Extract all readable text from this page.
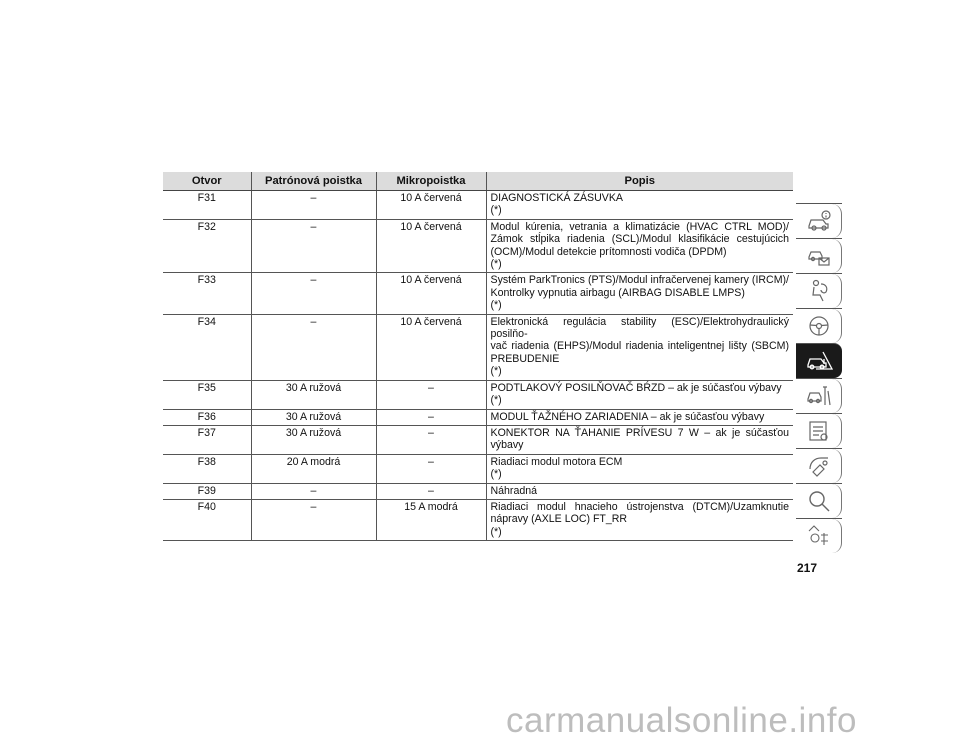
Otvor	Patrónová poistka	Mikropoistka	Popis
F31	–	10 A červená	DIAGNOSTICKÁ ZÁSUVKA
(*)

F32	–	10 A červená	Modul kúrenia, vetrania a klimatizácie (HVAC CTRL MOD)/
Zámok stĺpika riadenia (SCL)/Modul klasifikácie cestujúcich
(OCM)/Modul detekcie prítomnosti vodiča (DPDM)
(*)

F33	–	10 A červená	Systém ParkTronics (PTS)/Modul infračervenej kamery (IRCM)/
Kontrolky vypnutia airbagu (AIRBAG DISABLE LMPS)
(*)

F34	–	10 A červená	Elektronická regulácia stability (ESC)/Elektrohydraulický posilňo-
vač riadenia (EHPS)/Modul riadenia inteligentnej lišty (SBCM)
PREBUDENIE
(*)

F35	30 A ružová	–	PODTLAKOVÝ POSILŇOVAČ BŔZD – ak je súčasťou výbavy
(*)

F36	30 A ružová	–	MODUL ŤAŽNÉHO ZARIADENIA – ak je súčasťou výbavy

F37	30 A ružová	–	KONEKTOR NA ŤAHANIE PRÍVESU 7 W – ak je súčasťou
výbavy

F38	20 A modrá	–	Riadiaci modul motora ECM
(*)

F39	–	–	Náhradná

F40	–	15 A modrá	Riadiaci modul hnacieho ústrojenstva (DTCM)/Uzamknutie
nápravy (AXLE LOC) FT_RR
(*)
217
carmanualsonline.info
